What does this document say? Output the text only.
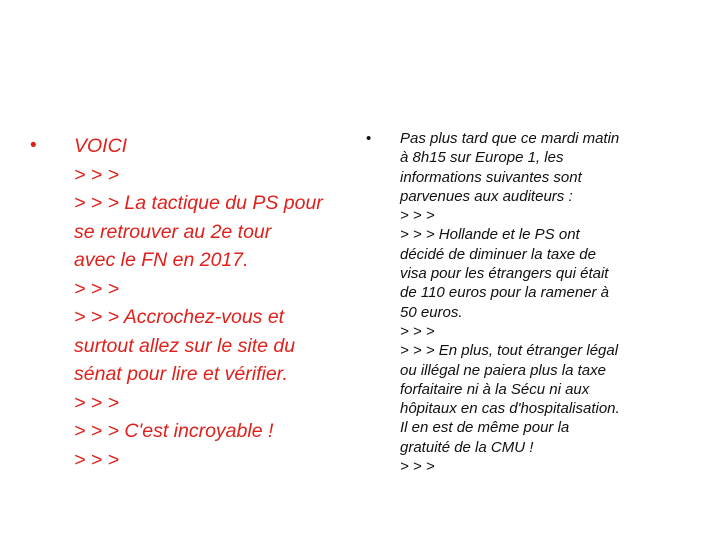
• VOICI
> > >
> > > La tactique du PS pour
se retrouver au 2e tour
avec le FN en 2017.
> > >
> > > Accrochez-vous et
surtout allez sur le site du
sénat pour lire et vérifier.
> > >
> > > C'est incroyable !
> > >
• Pas plus tard que ce mardi matin
à 8h15 sur Europe 1, les
informations suivantes sont
parvenues aux auditeurs :
> > >
> > > Hollande et le PS ont
décidé de diminuer la taxe de
visa pour les étrangers qui était
de 110 euros pour la ramener à
50 euros.
> > >
> > > En plus, tout étranger légal
ou illégal ne paiera plus la taxe
forfaitaire ni à la Sécu ni aux
hôpitaux en cas d'hospitalisation.
Il en est de même pour la
gratuité de la CMU !
> > >
